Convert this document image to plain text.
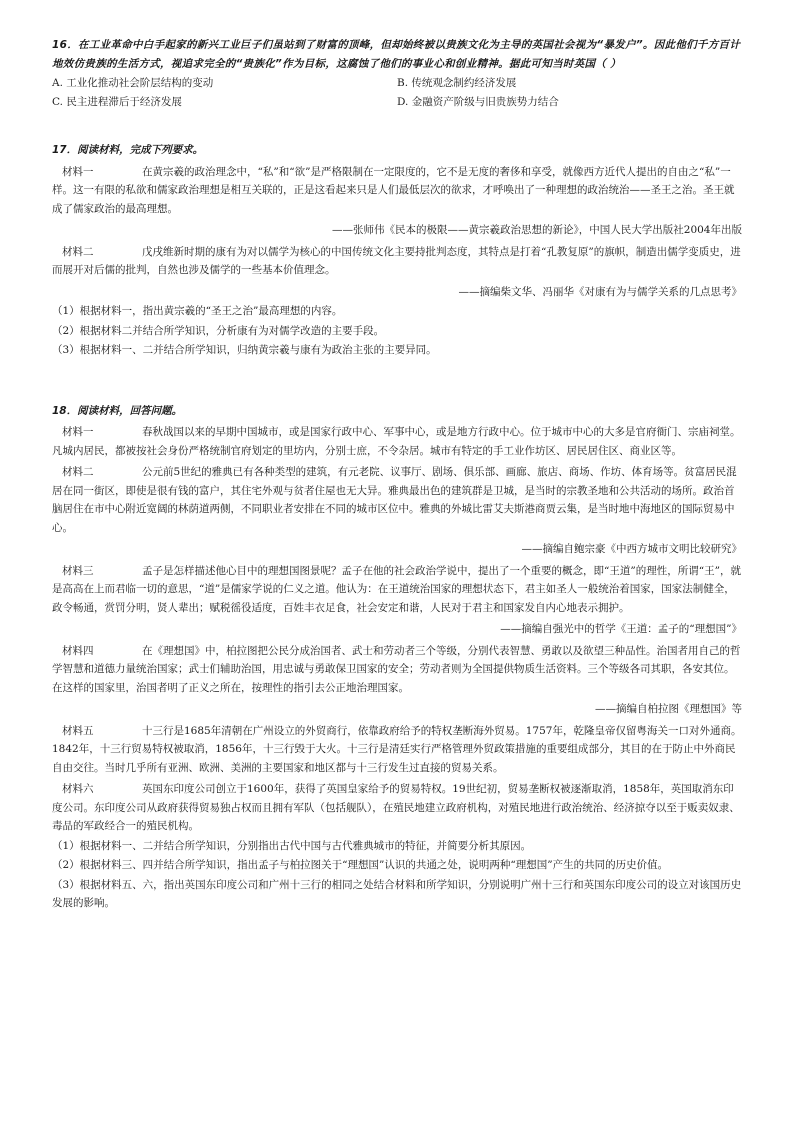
16．在工业革命中白手起家的新兴工业巨子们虽站到了财富的顶峰，但却始终被以贵族文化为主导的英国社会视为“暴发户”。因此他们千方百计地效仿贵族的生活方式，视追求完全的“贵族化”作为目标，这腐蚀了他们的事业心和创业精神。据此可知当时英国（ ）
A. 工业化推动社会阶层结构的变动	B. 传统观念制约经济发展
C. 民主进程滞后于经济发展	D. 金融资产阶级与旧贵族势力结合
17．阅读材料，完成下列要求。

材料一	在黄宗羲的政治理念中，“私”和“欲”是严格限制在一定限度的，它不是无度的奢侈和享受，就像西方近代人提出的自由之“私”一样。这一有限的私欲和儒家政治理想是相互关联的，正是这看起来只是人们最低层次的欲求，才呼唤出了一种理想的政治统治——圣王之治。圣王就成了儒家政治的最高理想。

——张师伟《民本的极限——黄宗羲政治思想的新论》，中国人民大学出版社2004年出版

材料二	戊戌维新时期的康有为对以儒学为核心的中国传统文化主要持批判态度，其特点是打着“孔教复原”的旗帜，制造出儒学变质史，进而展开对后儒的批判，自然也涉及儒学的一些基本价值理念。

——摘编柴文华、冯丽华《对康有为与儒学关系的几点思考》

（1）根据材料一，指出黄宗羲的“圣王之治”最高理想的内容。

（2）根据材料二并结合所学知识，分析康有为对儒学改造的主要手段。

（3）根据材料一、二并结合所学知识，归纳黄宗羲与康有为政治主张的主要异同。

18．阅读材料，回答问题。

材料一	春秋战国以来的早期中国城市，或是国家行政中心、军事中心，或是地方行政中心。位于城市中心的大多是官府衙门、宗庙祠堂。凡城内居民，都被按社会身份严格统制官府划定的里坊内，分别士庶，不令杂居。城市有特定的手工业作坊区、居民居住区、商业区等。

材料二	公元前5世纪的雅典已有各种类型的建筑，有元老院、议事厅、剧场、俱乐部、画廊、旅店、商场、作坊、体育场等。贫富居民混居在同一街区，即使是很有钱的富户，其住宅外观与贫者住屋也无大异。雅典最出色的建筑群是卫城，是当时的宗教圣地和公共活动的场所。政治首脑居住在市中心附近宽阔的林荫道两侧，不同职业者安排在不同的城市区位中。雅典的外城比雷艾夫斯港商贾云集，是当时地中海地区的国际贸易中心。

——摘编自鲍宗豪《中西方城市文明比较研究》

材料三	孟子是怎样描述他心目中的理想国图景呢？孟子在他的社会政治学说中，提出了一个重要的概念，即“王道”的理性，所谓“王”，就是高高在上而君临一切的意思，“道”是儒家学说的仁义之道。他认为：在王道统治国家的理想状态下，君主如圣人一般统治着国家，国家法制健全，政令畅通，赏罚分明，贤人辈出；赋税徭役适度，百姓丰衣足食，社会安定和谐，人民对于君主和国家发自内心地表示拥护。

——摘编自强光中的哲学《王道：孟子的“理想国”》

材料四	在《理想国》中，柏拉图把公民分成治国者、武士和劳动者三个等级，分别代表智慧、勇敢以及欲望三种品性。治国者用自己的哲学智慧和道德力量统治国家；武士们辅助治国，用忠诚与勇敢保卫国家的安全；劳动者则为全国提供物质生活资料。三个等级各司其职，各安其位。在这样的国家里，治国者明了正义之所在，按理性的指引去公正地治理国家。

——摘编自柏拉图《理想国》等

材料五	十三行是1685年清朝在广州设立的外贸商行，依靠政府给予的特权垄断海外贸易。1757年，乾隆皇帝仅留粤海关一口对外通商。1842年，十三行贸易特权被取消，1856年，十三行毁于大火。十三行是清廷实行严格管理外贸政策措施的重要组成部分，其目的在于防止中外商民自由交往。当时几乎所有亚洲、欧洲、美洲的主要国家和地区都与十三行发生过直接的贸易关系。

材料六	英国东印度公司创立于1600年，获得了英国皇家给予的贸易特权。19世纪初，贸易垄断权被逐渐取消，1858年，英国取消东印度公司。东印度公司从政府获得贸易独占权而且拥有军队（包括舰队），在殖民地建立政府机构，对殖民地进行政治统治、经济掠夺以至于贩卖奴隶、毒品的军政经合一的殖民机构。

（1）根据材料一、二并结合所学知识，分别指出古代中国与古代雅典城市的特征，并简要分析其原因。

（2）根据材料三、四并结合所学知识，指出孟子与柏拉图关于“理想国”认识的共通之处，说明两种“理想国”产生的共同的历史价值。

（3）根据材料五、六，指出英国东印度公司和广州十三行的相同之处结合材料和所学知识，分别说明广州十三行和英国东印度公司的设立对该国历史发展的影响。
